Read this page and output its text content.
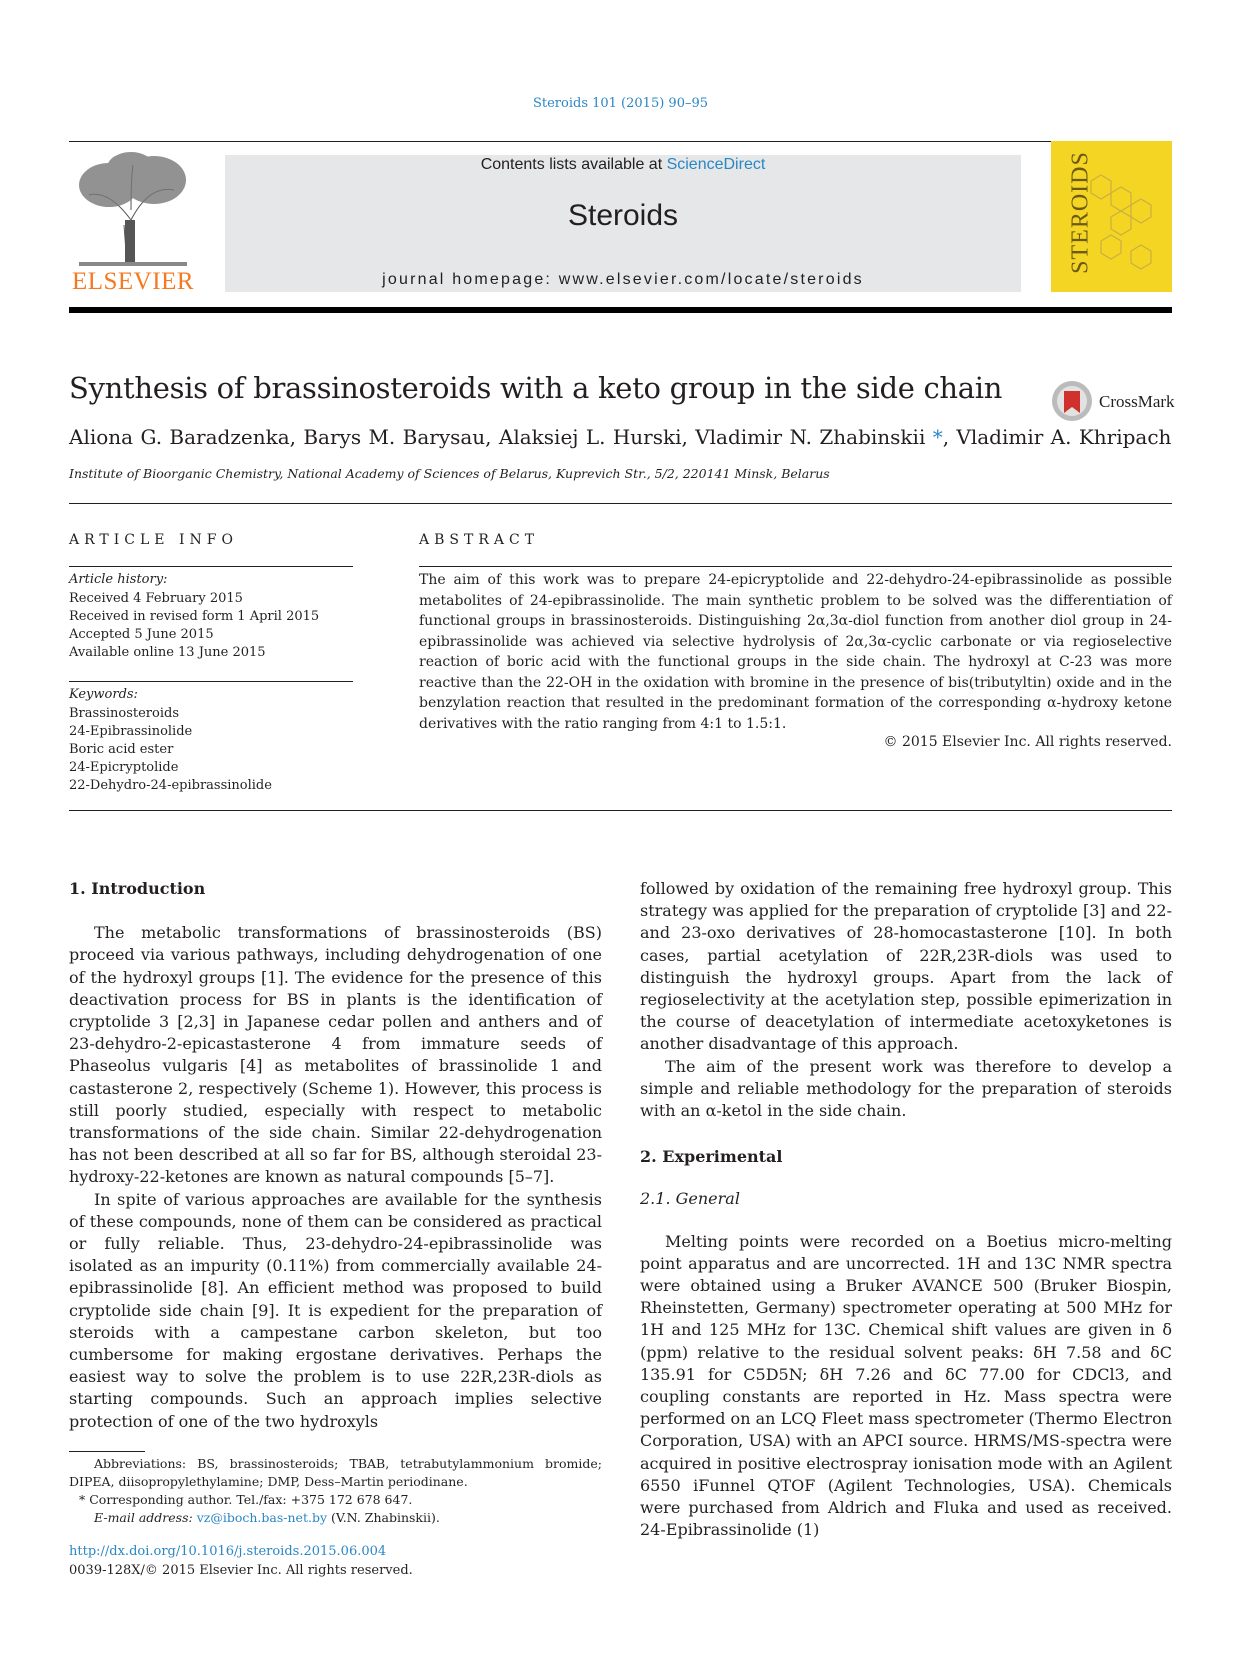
Steroids 101 (2015) 90–95
ELSEVIER
Contents lists available at ScienceDirect
Steroids
journal homepage: www.elsevier.com/locate/steroids
STEROIDS
Synthesis of brassinosteroids with a keto group in the side chain	CrossMark
Aliona G. Baradzenka, Barys M. Barysau, Alaksiej L. Hurski, Vladimir N. Zhabinskii *, Vladimir A. Khripach
Institute of Bioorganic Chemistry, National Academy of Sciences of Belarus, Kuprevich Str., 5/2, 220141 Minsk, Belarus
ARTICLE INFO
Article history:
Received 4 February 2015
Received in revised form 1 April 2015
Accepted 5 June 2015
Available online 13 June 2015
Keywords:
Brassinosteroids
24-Epibrassinolide
Boric acid ester
24-Epicryptolide
22-Dehydro-24-epibrassinolide
ABSTRACT
The aim of this work was to prepare 24-epicryptolide and 22-dehydro-24-epibrassinolide as possible metabolites of 24-epibrassinolide. The main synthetic problem to be solved was the differentiation of functional groups in brassinosteroids. Distinguishing 2α,3α-diol function from another diol group in 24-epibrassinolide was achieved via selective hydrolysis of 2α,3α-cyclic carbonate or via regioselective reaction of boric acid with the functional groups in the side chain. The hydroxyl at C-23 was more reactive than the 22-OH in the oxidation with bromine in the presence of bis(tributyltin) oxide and in the benzylation reaction that resulted in the predominant formation of the corresponding α-hydroxy ketone derivatives with the ratio ranging from 4:1 to 1.5:1.
© 2015 Elsevier Inc. All rights reserved.
1. Introduction

The metabolic transformations of brassinosteroids (BS) proceed via various pathways, including dehydrogenation of one of the hydroxyl groups [1]. The evidence for the presence of this deactivation process for BS in plants is the identification of cryptolide 3 [2,3] in Japanese cedar pollen and anthers and of 23-dehydro-2-epicastasterone 4 from immature seeds of Phaseolus vulgaris [4] as metabolites of brassinolide 1 and castasterone 2, respectively (Scheme 1). However, this process is still poorly studied, especially with respect to metabolic transformations of the side chain. Similar 22-dehydrogenation has not been described at all so far for BS, although steroidal 23-hydroxy-22-ketones are known as natural compounds [5–7].

In spite of various approaches are available for the synthesis of these compounds, none of them can be considered as practical or fully reliable. Thus, 23-dehydro-24-epibrassinolide was isolated as an impurity (0.11%) from commercially available 24-epibrassinolide [8]. An efficient method was proposed to build cryptolide side chain [9]. It is expedient for the preparation of steroids with a campestane carbon skeleton, but too cumbersome for making ergostane derivatives. Perhaps the easiest way to solve the problem is to use 22R,23R-diols as starting compounds. Such an approach implies selective protection of one of the two hydroxyls

followed by oxidation of the remaining free hydroxyl group. This strategy was applied for the preparation of cryptolide [3] and 22- and 23-oxo derivatives of 28-homocastasterone [10]. In both cases, partial acetylation of 22R,23R-diols was used to distinguish the hydroxyl groups. Apart from the lack of regioselectivity at the acetylation step, possible epimerization in the course of deacetylation of intermediate acetoxyketones is another disadvantage of this approach.

The aim of the present work was therefore to develop a simple and reliable methodology for the preparation of steroids with an α-ketol in the side chain.

2. Experimental
2.1. General

Melting points were recorded on a Boetius micro-melting point apparatus and are uncorrected. 1H and 13C NMR spectra were obtained using a Bruker AVANCE 500 (Bruker Biospin, Rheinstetten, Germany) spectrometer operating at 500 MHz for 1H and 125 MHz for 13C. Chemical shift values are given in δ (ppm) relative to the residual solvent peaks: δH 7.58 and δC 135.91 for C5D5N; δH 7.26 and δC 77.00 for CDCl3, and coupling constants are reported in Hz. Mass spectra were performed on an LCQ Fleet mass spectrometer (Thermo Electron Corporation, USA) with an APCI source. HRMS/MS-spectra were acquired in positive electrospray ionisation mode with an Agilent 6550 iFunnel QTOF (Agilent Technologies, USA). Chemicals were purchased from Aldrich and Fluka and used as received. 24-Epibrassinolide (1)

Abbreviations: BS, brassinosteroids; TBAB, tetrabutylammonium bromide; DIPEA, diisopropylethylamine; DMP, Dess–Martin periodinane.
* Corresponding author. Tel./fax: +375 172 678 647.
E-mail address: vz@iboch.bas-net.by (V.N. Zhabinskii).
http://dx.doi.org/10.1016/j.steroids.2015.06.004
0039-128X/© 2015 Elsevier Inc. All rights reserved.
